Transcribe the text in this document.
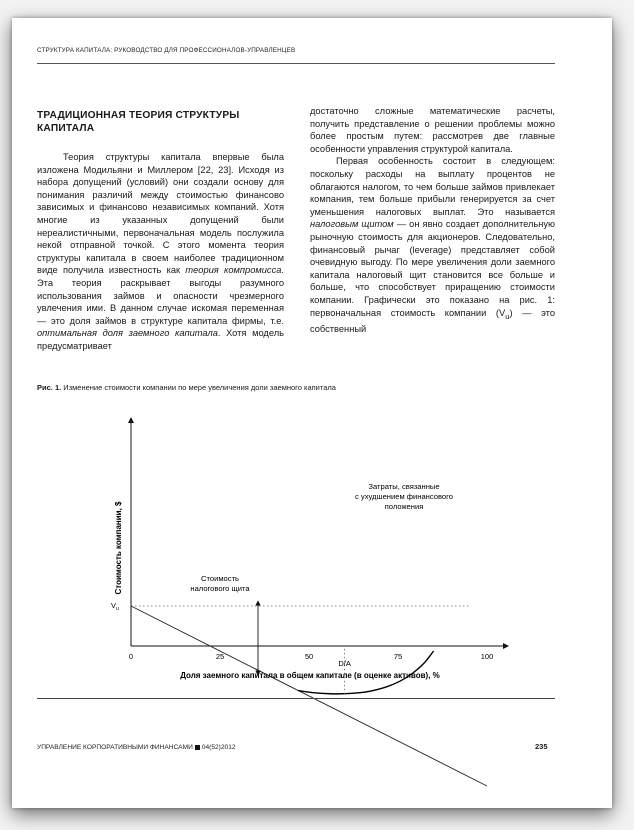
СТРУКТУРА КАПИТАЛА: РУКОВОДСТВО ДЛЯ ПРОФЕССИОНАЛОВ-УПРАВЛЕНЦЕВ
ТРАДИЦИОННАЯ ТЕОРИЯ СТРУКТУРЫ КАПИТАЛА

Теория структуры капитала впервые была изложена Модильяни и Миллером [22, 23]. Исходя из набора допущений (условий) они создали основу для понимания различий между стоимостью финансово зависимых и финансово независимых компаний. Хотя многие из указанных допущений были нереалистичными, первоначальная модель послужила некой отправной точкой. С этого момента теория структуры капитала в своем наиболее традиционном виде получила известность как теория компромисса. Эта теория раскрывает выгоды разумного использования займов и опасности чрезмерного увлечения ими. В данном случае искомая переменная — это доля займов в структуре капитала фирмы, т.е. оптимальная доля заемного капитала. Хотя модель предусматривает

достаточно сложные математические расчеты, получить представление о решении проблемы можно более простым путем: рассмотрев две главные особенности управления структурой капитала.

Первая особенность состоит в следующем: поскольку расходы на выплату процентов не облагаются налогом, то чем больше займов привлекает компания, тем больше прибыли генерируется за счет уменьшения налоговых выплат. Это называется налоговым щитом — он явно создает дополнительную рыночную стоимость для акционеров. Следовательно, финансовый рычаг (leverage) представляет собой очевидную выгоду. По мере увеличения доли заемного капитала налоговый щит становится все больше и больше, что способствует приращению стоимости компании. Графически это показано на рис. 1: первоначальная стоимость компании $(V_u)$ — это собственный

Рис. 1. Изменение стоимости компании по мере увеличения доли заемного капитала
0	25	50	75	100
Доля заемного капитала в общем капитале (в оценке активов), %
Стоимость компании, $
$V_u$
D/A
Стоимость
налогового щита
Затраты, связанные
с ухудшением финансового
положения
УПРАВЛЕНИЕ КОРПОРАТИВНЫМИ ФИНАНСАМИ 04(52)2012	235
